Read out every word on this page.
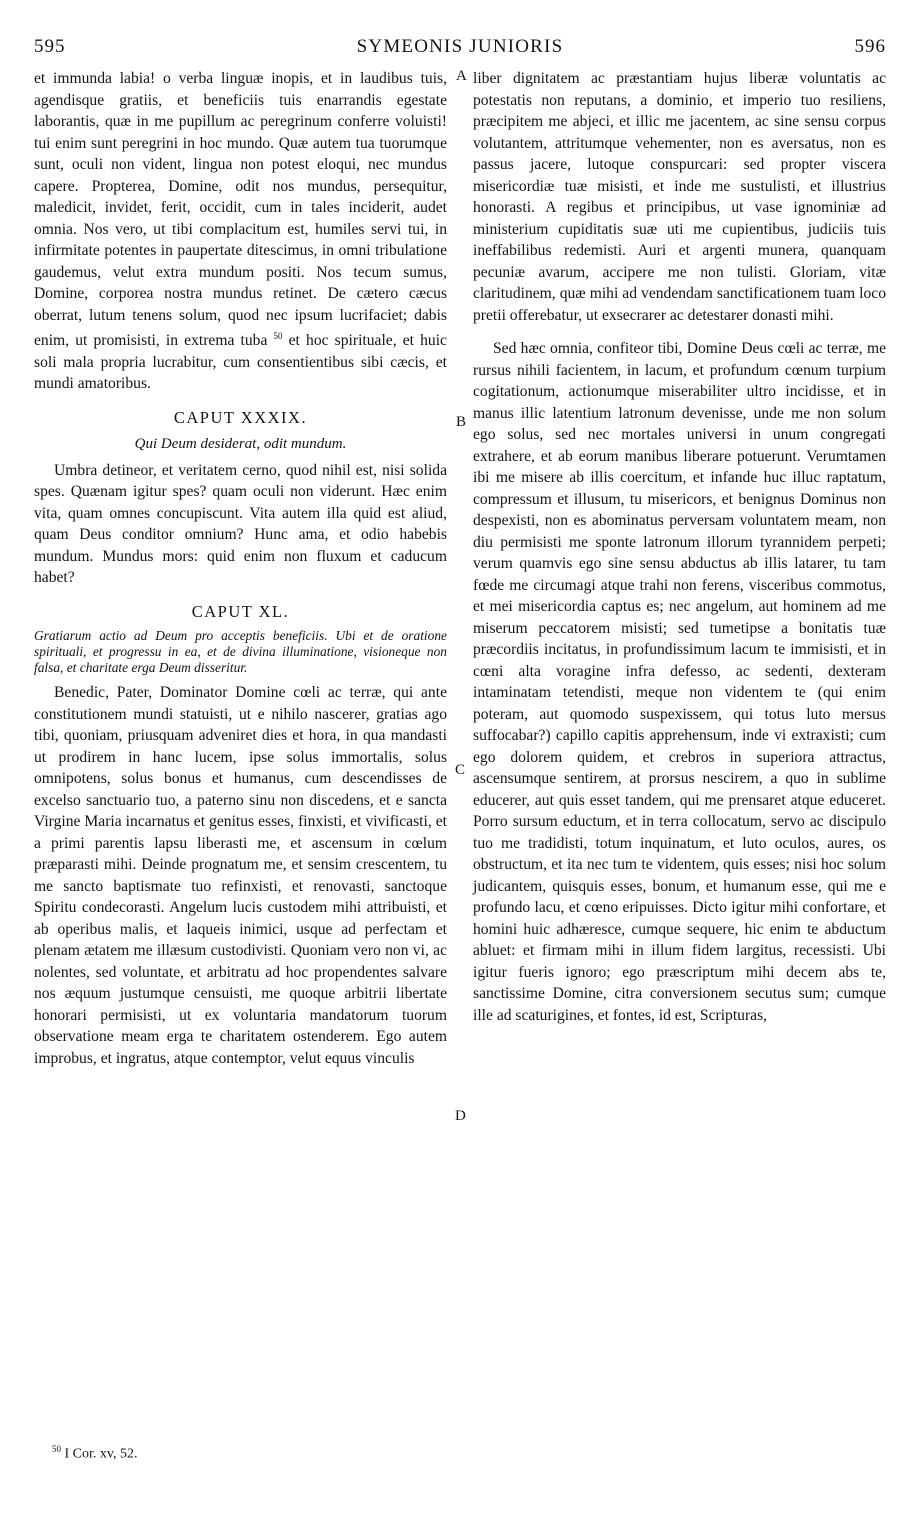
595	SYMEONIS JUNIORIS	596

et immunda labia! o verba linguæ inopis, et in laudibus tuis, agendisque gratiis, et beneficiis tuis enarrandis egestate laborantis, quæ in me pupillum ac peregrinum conferre voluisti! tui enim sunt peregrini in hoc mundo. Quæ autem tua tuorumque sunt, oculi non vident, lingua non potest eloqui, nec mundus capere. Propterea, Domine, odit nos mundus, persequitur, maledicit, invidet, ferit, occidit, cum in tales inciderit, audet omnia. Nos vero, ut tibi complacitum est, humiles servi tui, in infirmitate potentes in paupertate ditescimus, in omni tribulatione gaudemus, velut extra mundum positi. Nos tecum sumus, Domine, corporea nostra mundus retinet. De cætero cæcus oberrat, lutum tenens solum, quod nec ipsum lucrifaciet; dabis enim, ut promisisti, in extrema tuba $^{50}$ et hoc spirituale, et huic soli mala propria lucrabitur, cum consentientibus sibi cæcis, et mundi amatoribus.

CAPUT XXXIX.
Qui Deum desiderat, odit mundum.

Umbra detineor, et veritatem cerno, quod nihil est, nisi solida spes. Quænam igitur spes? quam oculi non viderunt. Hæc enim vita, quam omnes concupiscunt. Vita autem illa quid est aliud, quam Deus conditor omnium? Hunc ama, et odio habebis mundum. Mundus mors: quid enim non fluxum et caducum habet?

CAPUT XL.
Gratiarum actio ad Deum pro acceptis beneficiis. Ubi et de oratione spirituali, et progressu in ea, et de divina illuminatione, visioneque non falsa, et charitate erga Deum disseritur.

Benedic, Pater, Dominator Domine cœli ac terræ, qui ante constitutionem mundi statuisti, ut e nihilo nascerer, gratias ago tibi, quoniam, priusquam adveniret dies et hora, in qua mandasti ut prodirem in hanc lucem, ipse solus immortalis, solus omnipotens, solus bonus et humanus, cum descendisses de excelso sanctuario tuo, a paterno sinu non discedens, et e sancta Virgine Maria incarnatus et genitus esses, finxisti, et vivificasti, et a primi parentis lapsu liberasti me, et ascensum in cœlum præparasti mihi. Deinde prognatum me, et sensim crescentem, tu me sancto baptismate tuo refinxisti, et renovasti, sanctoque Spiritu condecorasti. Angelum lucis custodem mihi attribuisti, et ab operibus malis, et laqueis inimici, usque ad perfectam et plenam ætatem me illæsum custodivisti. Quoniam vero non vi, ac nolentes, sed voluntate, et arbitratu ad hoc propendentes salvare nos æquum justumque censuisti, me quoque arbitrii libertate honorari permisisti, ut ex voluntaria mandatorum tuorum observatione meam erga te charitatem ostenderem. Ego autem improbus, et ingratus, atque contemptor, velut equus vinculis

liber dignitatem ac præstantiam hujus liberæ voluntatis ac potestatis non reputans, a dominio, et imperio tuo resiliens, præcipitem me abjeci, et illic me jacentem, ac sine sensu corpus volutantem, attritumque vehementer, non es aversatus, non es passus jacere, lutoque conspurcari: sed propter viscera misericordiæ tuæ misisti, et inde me sustulisti, et illustrius honorasti. A regibus et principibus, ut vase ignominiæ ad ministerium cupiditatis suæ uti me cupientibus, judiciis tuis ineffabilibus redemisti. Auri et argenti munera, quanquam pecuniæ avarum, accipere me non tulisti. Gloriam, vitæ claritudinem, quæ mihi ad vendendam sanctificationem tuam loco pretii offerebatur, ut exsecrarer ac detestarer donasti mihi.

Sed hæc omnia, confiteor tibi, Domine Deus cœli ac terræ, me rursus nihili facientem, in lacum, et profundum cœnum turpium cogitationum, actionumque miserabiliter ultro incidisse, et in manus illic latentium latronum devenisse, unde me non solum ego solus, sed nec mortales universi in unum congregati extrahere, et ab eorum manibus liberare potuerunt. Verumtamen ibi me misere ab illis coercitum, et infande huc illuc raptatum, compressum et illusum, tu misericors, et benignus Dominus non despexisti, non es abominatus perversam voluntatem meam, non diu permisisti me sponte latronum illorum tyrannidem perpeti; verum quamvis ego sine sensu abductus ab illis latarer, tu tam fœde me circumagi atque trahi non ferens, visceribus commotus, et mei misericordia captus es; nec angelum, aut hominem ad me miserum peccatorem misisti; sed tumetipse a bonitatis tuæ præcordiis incitatus, in profundissimum lacum te immisisti, et in cœni alta voragine infra defesso, ac sedenti, dexteram intaminatam tetendisti, meque non videntem te (qui enim poteram, aut quomodo suspexissem, qui totus luto mersus suffocabar?) capillo capitis apprehensum, inde vi extraxisti; cum ego dolorem quidem, et crebros in superiora attractus, ascensumque sentirem, at prorsus nescirem, a quo in sublime educerer, aut quis esset tandem, qui me prensaret atque educeret. Porro sursum eductum, et in terra collocatum, servo ac discipulo tuo me tradidisti, totum inquinatum, et luto oculos, aures, os obstructum, et ita nec tum te videntem, quis esses; nisi hoc solum judicantem, quisquis esses, bonum, et humanum esse, qui me e profundo lacu, et cœno eripuisses. Dicto igitur mihi confortare, et homini huic adhæresce, cumque sequere, hic enim te abductum abluet: et firmam mihi in illum fidem largitus, recessisti. Ubi igitur fueris ignoro; ego præscriptum mihi decem abs te, sanctissime Domine, citra conversionem secutus sum; cumque ille ad scaturigines, et fontes, id est, Scripturas,

A
B
C
D
$^{50}$ I Cor. xv, 52.
